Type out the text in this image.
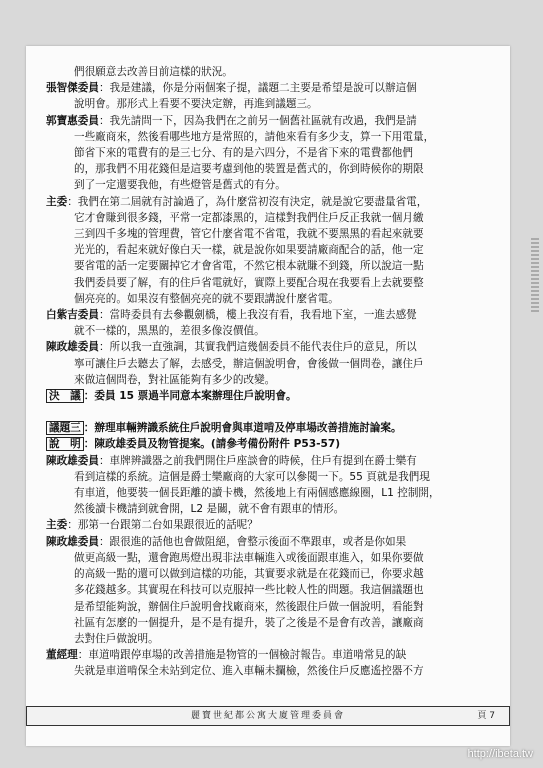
們很願意去改善目前這樣的狀況。
張智傑委員：我是建議，你是分兩個案子提，議題二主要是希望是說可以辦這個
說明會。那形式上看要不要決定辦，再進到議題三。
郭寶惠委員：我先請問一下，因為我們在之前另一個舊社區就有改過，我們是請
一些廠商來，然後看哪些地方是常照的，請他來看有多少支，算一下用電量，
節省下來的電費有的是三七分、有的是六四分，不是省下來的電費都他們
的，那我們不用花錢但是這要考慮到他的裝置是舊式的，你到時候你的期限
到了一定還要我他，有些燈管是舊式的有分。
主委：我們在第二屆就有討論過了，為什麼當初沒有決定，就是說它要盡量省電，
它才會賺到很多錢，平常一定都漆黑的，這樣對我們住戶反正我就一個月繳
三到四千多塊的管理費，管它什麼省電不省電，我就不要黑黑的看起來就要
光光的，看起來就好像白天一樣，就是說你如果要請廠商配合的話，他一定
要省電的話一定要關掉它才會省電，不然它根本就賺不到錢，所以說這一點
我們委員要了解，有的住戶省電就好，實際上要配合現在我要看上去就要整
個亮亮的。如果沒有整個亮亮的就不要跟講說什麼省電。
白紫吉委員：當時委員有去參觀劍橋，樓上我沒有看，我看地下室，一進去感覺
就不一樣的，黑黑的，差很多像沒價值。
陳政雄委員：所以我一直強調，其實我們這幾個委員不能代表住戶的意見，所以
寧可讓住戶去聽去了解，去感受，辦這個說明會，會後做一個問卷，讓住戶
來做這個問卷，對社區能夠有多少的改變。
決　議 ：委員 15 票過半同意本案辦理住戶說明會。
議題三 ：辦理車輛辨識系統住戶說明會與車道啃及停車場改善措施討論案。
說　明 ：陳政雄委員及物管提案。(請參考備份附件 P53-57)
陳政雄委員：車牌辨識器之前我們開住戶座談會的時候，住戶有提到在爵士樂有
看到這樣的系統。這個是爵士樂廠商的大家可以參閱一下。55 頁就是我們現
有車道，他要裝一個長距離的讀卡機，然後地上有兩個感應線圈，L1 控制開，
然後讀卡機請到就會開，L2 是關，就不會有跟車的情形。
主委：那第一台跟第二台如果跟很近的話呢？
陳政雄委員：跟很進的話他也會做阻絕，會整示後面不準跟車，或者是你如果
做更高級一點，還會跑馬燈出現非法車輛進入或後面跟車進入，如果你要做
的高級一點的還可以做到這樣的功能，其實要求就是在花錢而已，你要求越
多花錢越多。其實現在科技可以克服掉一些比較人性的問題。我這個議題也
是希望能夠說，辦個住戶說明會找廠商來，然後跟住戶做一個說明，看能對
社區有怎麼的一個提升，是不是有提升，裝了之後是不是會有改善，讓廠商
去對住戶做說明。
董經理：車道啃跟停車場的改善措施是物管的一個檢討報告。車道啃常見的缺
失就是車道啃保全未站到定位、進入車輛未攔檢，然後住戶反應遙控器不方
麗寶世紀都公寓大廈管理委員會	頁 7
http://ibeta.tw
